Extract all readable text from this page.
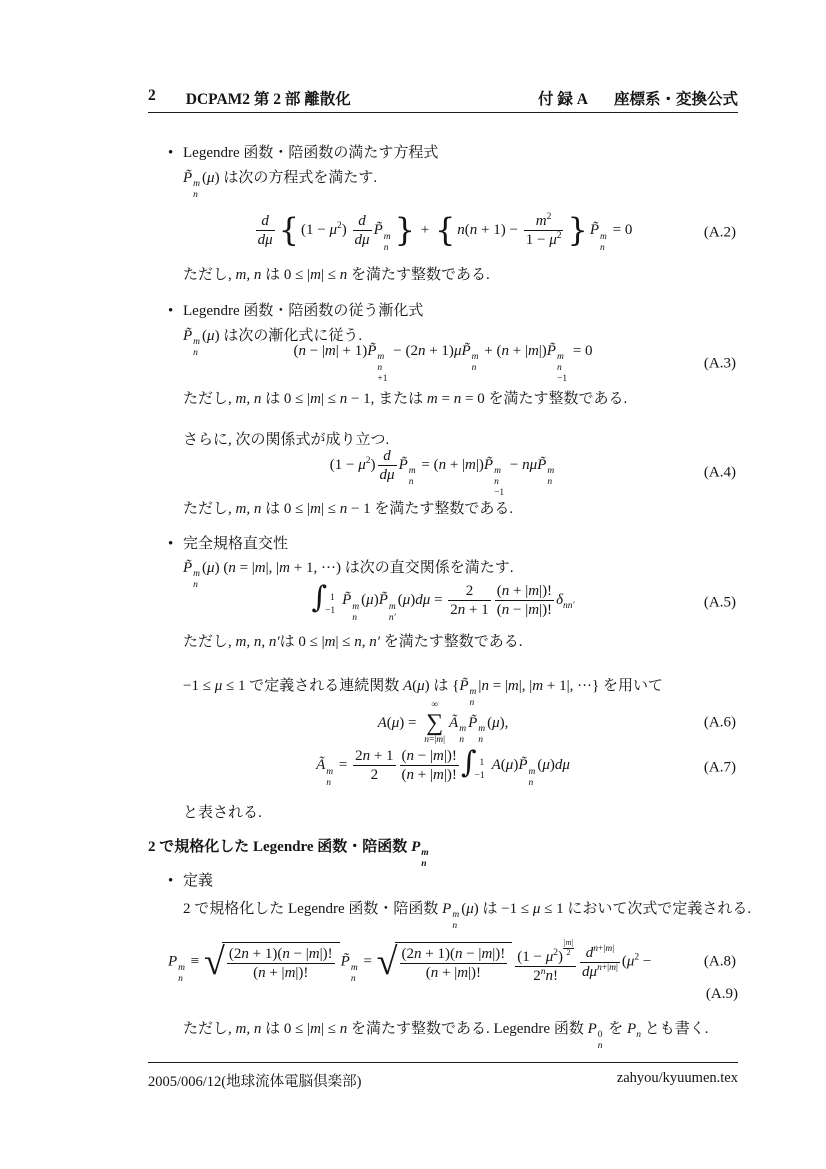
2 DCPAM2 第 2 部 離散化	付 録 A 座標系・変換公式
• Legendre 函数・陪函数の満たす方程式
P̃ m
n
(μ) は次の方程式を満たす.
$\frac{d}{d\mu}$ { $(1 - \mu^2) \frac{d}{d\mu}$ P̃ m
n } + { $n(n + 1) - \frac{m^2}{1 - \mu^2}$ } P̃ m
n
= 0	(A.2)
ただし, m, n は 0 ≤ |m| ≤ n を満たす整数である.
• Legendre 函数・陪函数の従う漸化式
P̃ m
n
(μ) は次の漸化式に従う.
(n − |m| + 1)P̃ m
n
+1 − (2n + 1)μP̃ m
n
+ (n + |m|)P̃ m
n
−1 = 0
(A.3)
ただし, m, n は 0 ≤ |m| ≤ n − 1, または m = n = 0 を満たす整数である.
さらに, 次の関係式が成り立つ.
$(1 - \mu^2) \frac{d}{d\mu}$ P̃ m
n
= (n + |m|)P̃ m
n
−1 − nμP̃ m
n
(A.4)
ただし, m, n は 0 ≤ |m| ≤ n − 1 を満たす整数である.
• 完全規格直交性
P̃ m
n
(μ) (n = |m|, |m + 1, ···) は次の直交関係を満たす.
∫ 1
−1
P̃ m
n
(μ)P̃ m
n′
$(\mu)d\mu = \frac{2}{2n + 1} \frac{(n + |m|)!}{(n - |m|)!} \delta_{nn'}$	(A.5)
ただし, m, n, n′は 0 ≤ |m| ≤ n, n′ を満たす整数である.
−1 ≤ μ ≤ 1 で定義される連続関数 A(μ) は {P̃ m
n
|n = |m|, |m + 1|, ···} を用いて
A(μ) =
∞
∑
n=|m|
Ã m
n
P̃ m
n
(μ),	(A.6)
Ã m
n
= $\frac{2n + 1}{2} \frac{(n - |m|)!}{(n + |m|)!}$ ∫ 1
−1
A(μ)P̃ m
n
(μ)dμ	(A.7)
と表される.
2 で規格化した Legendre 函数・陪函数 P m
n
• 定義
2 で規格化した Legendre 函数・陪函数 P m
n
(μ) は −1 ≤ μ ≤ 1 において次式で定義される.
P m
n
≡ √ $\frac{(2n + 1)(n - |m|)!}{(n + |m|)!}$ P̃ m
n
= √ $\frac{(2n + 1)(n - |m|)!}{(n + |m|)!} \frac{(1 - \mu^2) \frac{|m|}{2}}{2^nn!} d^{n+|m|}$
$d\mu^{n+|m|}$ ($\mu^2$ −	(A.8)
(A.9)
ただし, m, n は 0 ≤ |m| ≤ n を満たす整数である. Legendre 函数 P 0
n
を $P_n$ とも書く.
2005/006/12(地球流体電脳倶楽部)	zahyou/kyuumen.tex
